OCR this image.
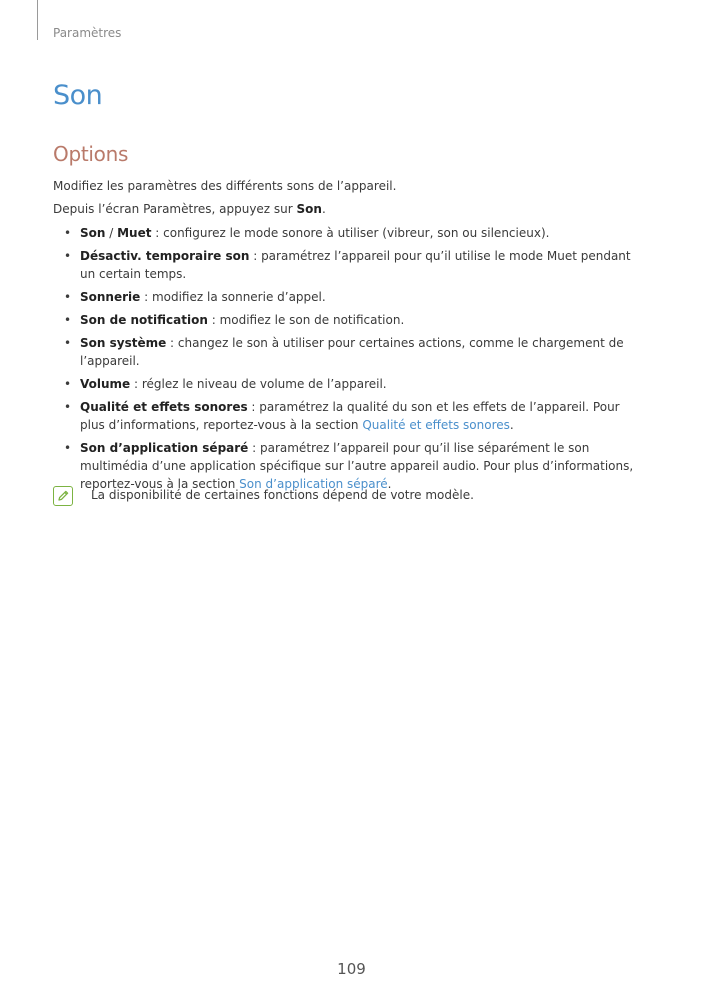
Paramètres
Son
Options

Modifiez les paramètres des différents sons de l’appareil.

Depuis l’écran Paramètres, appuyez sur Son.

• Son / Muet : configurez le mode sonore à utiliser (vibreur, son ou silencieux).
• Désactiv. temporaire son : paramétrez l’appareil pour qu’il utilise le mode Muet pendant un certain temps.
• Sonnerie : modifiez la sonnerie d’appel.
• Son de notification : modifiez le son de notification.
• Son système : changez le son à utiliser pour certaines actions, comme le chargement de l’appareil.
• Volume : réglez le niveau de volume de l’appareil.
• Qualité et effets sonores : paramétrez la qualité du son et les effets de l’appareil. Pour plus d’informations, reportez-vous à la section Qualité et effets sonores.
• Son d’application séparé : paramétrez l’appareil pour qu’il lise séparément le son multimédia d’une application spécifique sur l’autre appareil audio. Pour plus d’informations, reportez-vous à la section Son d’application séparé.
La disponibilité de certaines fonctions dépend de votre modèle.
109
